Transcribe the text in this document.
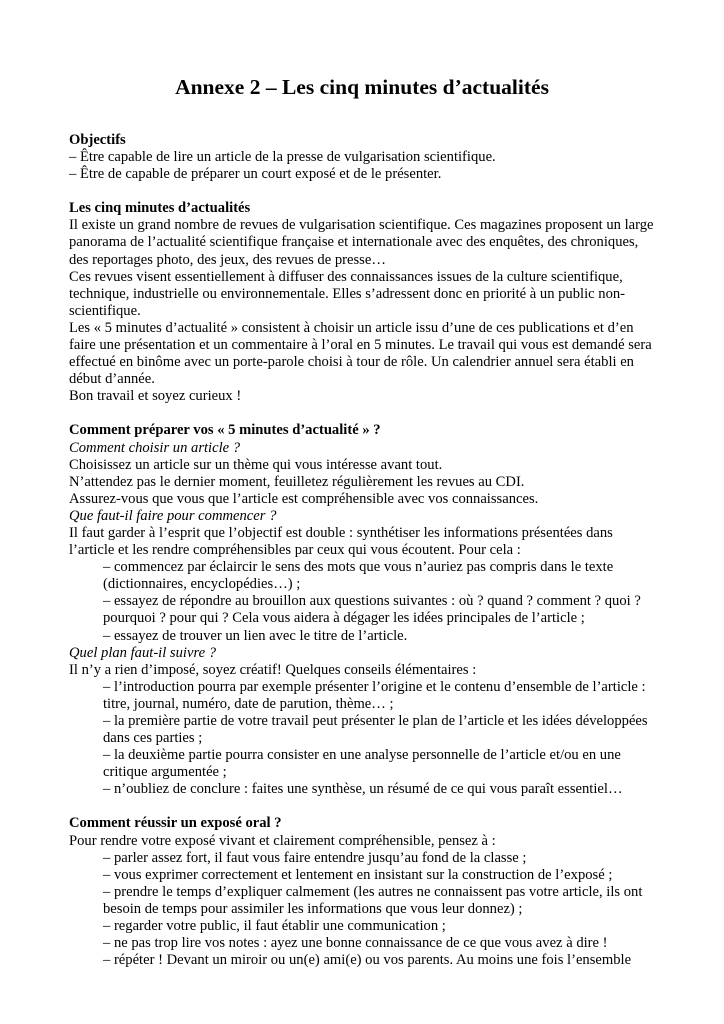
Annexe 2 – Les cinq minutes d’actualités
Objectifs
– Être capable de lire un article de la presse de vulgarisation scientifique.
– Être de capable de préparer un court exposé et de le présenter.
Les cinq minutes d’actualités
Il existe un grand nombre de revues de vulgarisation scientifique. Ces magazines proposent un large
panorama de l’actualité scientifique française et internationale avec des enquêtes, des chroniques,
des reportages photo, des jeux, des revues de presse…
Ces revues visent essentiellement à diffuser des connaissances issues de la culture scientifique,
technique, industrielle ou environnementale. Elles s’adressent donc en priorité à un public non-
scientifique.
Les « 5 minutes d’actualité » consistent à choisir un article issu d’une de ces publications et d’en
faire une présentation et un commentaire à l’oral en 5 minutes. Le travail qui vous est demandé sera
effectué en binôme avec un porte-parole choisi à tour de rôle. Un calendrier annuel sera établi en
début d’année.
Bon travail et soyez curieux !
Comment préparer vos « 5 minutes d’actualité » ?
Comment choisir un article ?
Choisissez un article sur un thème qui vous intéresse avant tout.
N’attendez pas le dernier moment, feuilletez régulièrement les revues au CDI.
Assurez-vous que vous que l’article est compréhensible avec vos connaissances.
Que faut-il faire pour commencer ?
Il faut garder à l’esprit que l’objectif est double : synthétiser les informations présentées dans
l’article et les rendre compréhensibles par ceux qui vous écoutent. Pour cela :
– commencez par éclaircir le sens des mots que vous n’auriez pas compris dans le texte
(dictionnaires, encyclopédies…) ;
– essayez de répondre au brouillon aux questions suivantes : où ? quand ? comment ? quoi ?
pourquoi ? pour qui ? Cela vous aidera à dégager les idées principales de l’article ;
– essayez de trouver un lien avec le titre de l’article.
Quel plan faut-il suivre ?
Il n’y a rien d’imposé, soyez créatif! Quelques conseils élémentaires :
– l’introduction pourra par exemple présenter l’origine et le contenu d’ensemble de l’article :
titre, journal, numéro, date de parution, thème… ;
– la première partie de votre travail peut présenter le plan de l’article et les idées développées
dans ces parties ;
– la deuxième partie pourra consister en une analyse personnelle de l’article et/ou en une
critique argumentée ;
– n’oubliez de conclure : faites une synthèse, un résumé de ce qui vous paraît essentiel…
Comment réussir un exposé oral ?
Pour rendre votre exposé vivant et clairement compréhensible, pensez à :
– parler assez fort, il faut vous faire entendre jusqu’au fond de la classe ;
– vous exprimer correctement et lentement en insistant sur la construction de l’exposé ;
– prendre le temps d’expliquer calmement (les autres ne connaissent pas votre article, ils ont
besoin de temps pour assimiler les informations que vous leur donnez) ;
– regarder votre public, il faut établir une communication ;
– ne pas trop lire vos notes : ayez une bonne connaissance de ce que vous avez à dire !
– répéter ! Devant un miroir ou un(e) ami(e) ou vos parents. Au moins une fois l’ensemble
